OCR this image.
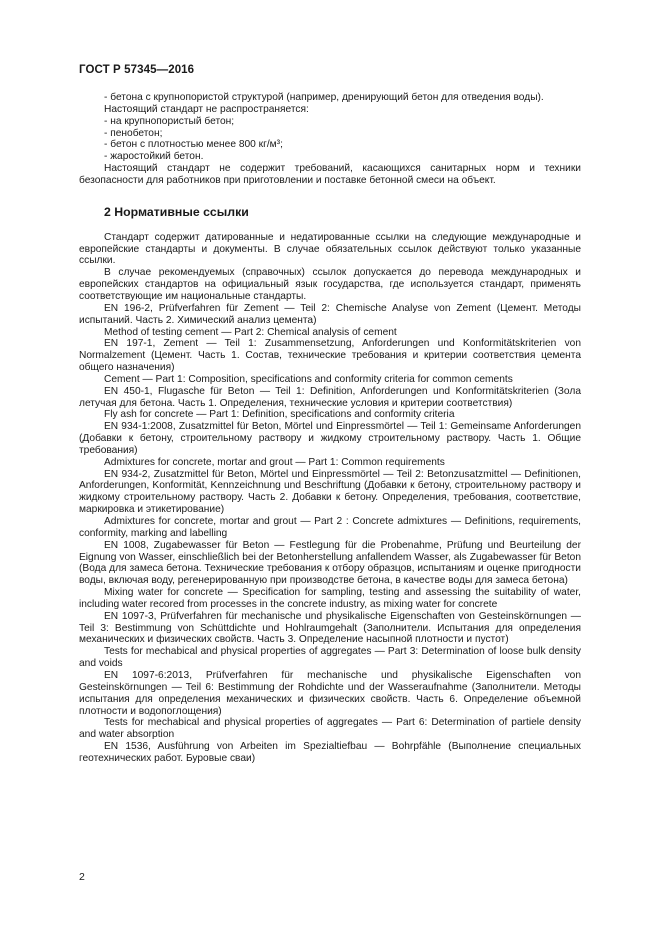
ГОСТ Р 57345—2016

- бетона с крупнопористой структурой (например, дренирующий бетон для отведения воды).

Настоящий стандарт не распространяется:

- на крупнопористый бетон;

- пенобетон;

- бетон с плотностью менее 800 кг/м³;

- жаростойкий бетон.

Настоящий стандарт не содержит требований, касающихся санитарных норм и техники безопасности для работников при приготовлении и поставке бетонной смеси на объект.

2 Нормативные ссылки

Стандарт содержит датированные и недатированные ссылки на следующие международные и европейские стандарты и документы. В случае обязательных ссылок действуют только указанные ссылки.

В случае рекомендуемых (справочных) ссылок допускается до перевода международных и европейских стандартов на официальный язык государства, где используется стандарт, применять соответствующие им национальные стандарты.

EN 196-2, Prüfverfahren für Zement — Teil 2: Chemische Analyse von Zement (Цемент. Методы испытаний. Часть 2. Химический анализ цемента)

Method of testing cement — Part 2: Chemical analysis of cement

EN 197-1, Zement — Teil 1: Zusammensetzung, Anforderungen und Konformitätskriterien von Normalzement (Цемент. Часть 1. Состав, технические требования и критерии соответствия цемента общего назначения)

Cement — Part 1: Composition, specifications and conformity criteria for common cements

EN 450-1, Flugasche für Beton — Teil 1: Definition, Anforderungen und Konformitätskriterien (Зола летучая для бетона. Часть 1. Определения, технические условия и критерии соответствия)

Fly ash for concrete — Part 1: Definition, specifications and conformity criteria

EN 934-1:2008, Zusatzmittel für Beton, Mörtel und Einpressmörtel — Teil 1: Gemeinsame Anforderungen (Добавки к бетону, строительному раствору и жидкому строительному раствору. Часть 1. Общие требования)

Admixtures for concrete, mortar and grout — Part 1: Common requirements

EN 934-2, Zusatzmittel für Beton, Mörtel und Einpressmörtel — Teil 2: Betonzusatzmittel — Definitionen, Anforderungen, Konformität, Kennzeichnung und Beschriftung (Добавки к бетону, строительному раствору и жидкому строительному раствору. Часть 2. Добавки к бетону. Определения, требования, соответствие, маркировка и этикетирование)

Admixtures for concrete, mortar and grout — Part 2 : Concrete admixtures — Definitions, requirements, conformity, marking and labelling

EN 1008, Zugabewasser für Beton — Festlegung für die Probenahme, Prüfung und Beurteilung der Eignung von Wasser, einschließlich bei der Betonherstellung anfallendem Wasser, als Zugabewasser für Beton (Вода для замеса бетона. Технические требования к отбору образцов, испытаниям и оценке пригодности воды, включая воду, регенерированную при производстве бетона, в качестве воды для замеса бетона)

Mixing water for concrete — Specification for sampling, testing and assessing the suitability of water, including water recored from processes in the concrete industry, as mixing water for concrete

EN 1097-3, Prüfverfahren für mechanische und physikalische Eigenschaften von Gesteinskörnungen — Teil 3: Bestimmung von Schüttdichte und Hohlraumgehalt (Заполнители. Испытания для определения механических и физических свойств. Часть 3. Определение насыпной плотности и пустот)

Tests for mechabical and physical properties of aggregates — Part 3: Determination of loose bulk density and voids

EN 1097-6:2013, Prüfverfahren für mechanische und physikalische Eigenschaften von Gesteinskörnungen — Teil 6: Bestimmung der Rohdichte und der Wasseraufnahme (Заполнители. Методы испытания для определения механических и физических свойств. Часть 6. Определение объемной плотности и водопоглощения)

Tests for mechabical and physical properties of aggregates — Part 6: Determination of partiele density and water absorption

EN 1536, Ausführung von Arbeiten im Spezialtiefbau — Bohrpfähle (Выполнение специальных геотехнических работ. Буровые сваи)

2
